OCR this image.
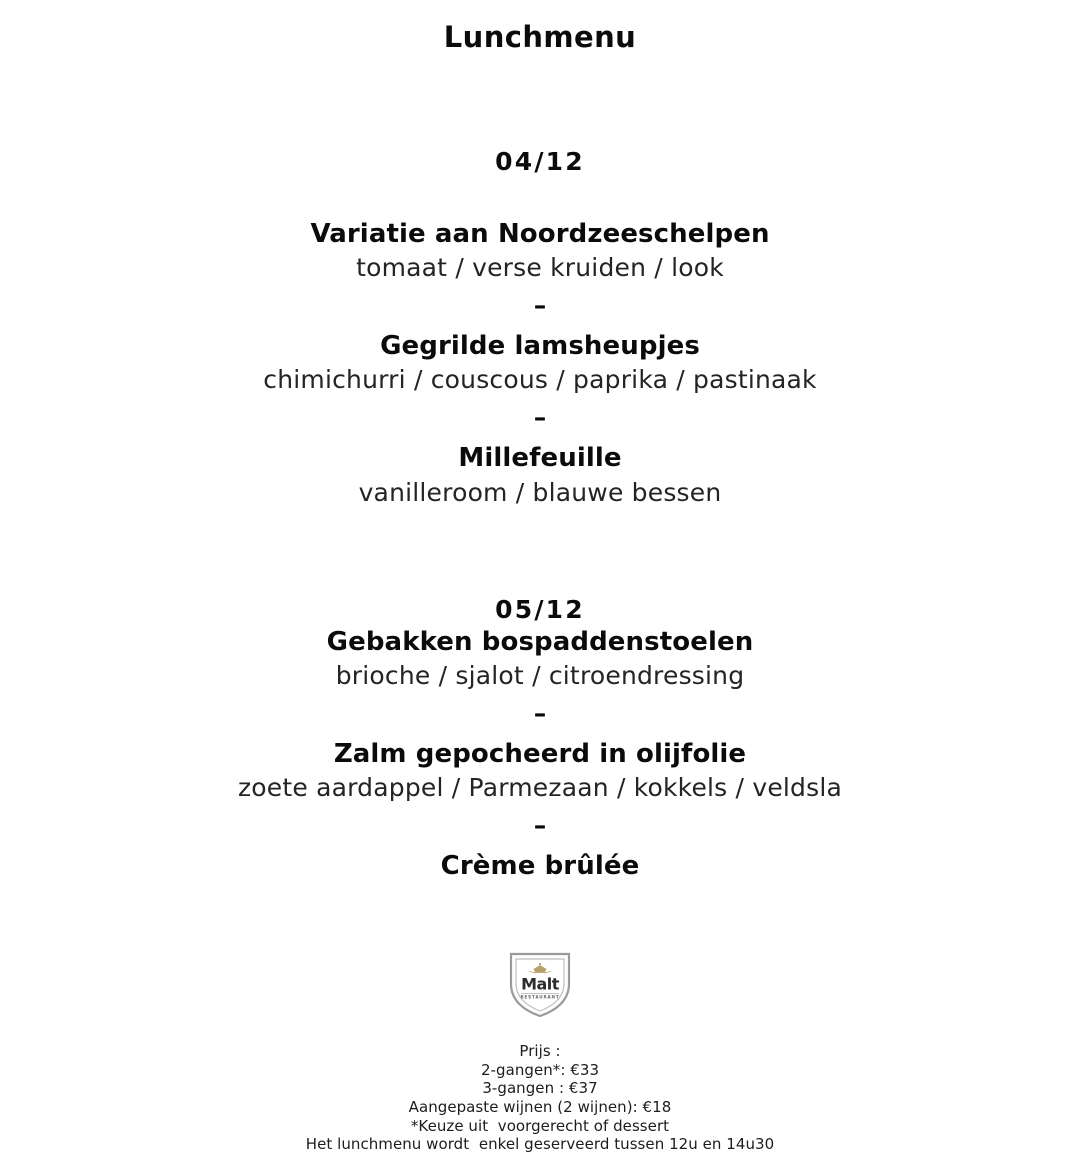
Lunchmenu
04/12
Variatie aan Noordzeeschelpen
tomaat / verse kruiden / look
–
Gegrilde lamsheupjes
chimichurri / couscous / paprika / pastinaak
–
Millefeuille
vanilleroom / blauwe bessen
05/12
Gebakken bospaddenstoelen
brioche / sjalot / citroendressing
–
Zalm gepocheerd in olijfolie
zoete aardappel / Parmezaan / kokkels / veldsla
–
Crème brûlée
Malt
RESTAURANT
Prijs :
2-gangen*: €33
3-gangen : €37
Aangepaste wijnen (2 wijnen): €18
*Keuze uit  voorgerecht of dessert
Het lunchmenu wordt  enkel geserveerd tussen 12u en 14u30
